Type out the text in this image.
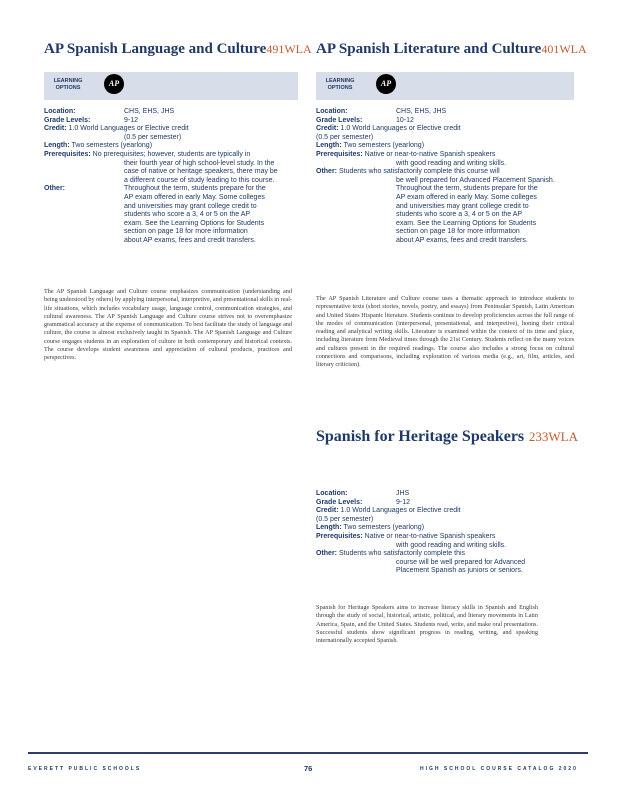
AP Spanish Language and Culture491WLA
LEARNING
OPTIONS	AP
Location:	CHS, EHS, JHS
Grade Levels:	9-12
Credit: 1.0 World Languages or Elective credit
(0.5 per semester)
Length: Two semesters (yearlong)
Prerequisites: No prerequisites; however, students are typically in
their fourth year of high school-level study. In the
case of native or heritage speakers, there may be
a different course of study leading to this course.
Other:	Throughout the term, students prepare for the
AP exam offered in early May. Some colleges
and universities may grant college credit to
students who score a 3, 4 or 5 on the AP
exam. See the Learning Options for Students
section on page 18 for more information
about AP exams, fees and credit transfers.
The AP Spanish Language and Culture course emphasizes communication (understanding and being understood by others) by applying interpersonal, interpretive, and presentational skills in real-life situations, which includes vocabulary usage, language control, communication strategies, and cultural awareness. The AP Spanish Language and Culture course strives not to overemphasize grammatical accuracy at the expense of communication. To best facilitate the study of language and culture, the course is almost exclusively taught in Spanish. The AP Spanish Language and Culture course engages students in an exploration of culture in both contemporary and historical contexts. The course develops student awareness and appreciation of cultural products, practices and perspectives.
AP Spanish Literature and Culture401WLA
LEARNING
OPTIONS	AP
Location:	CHS, EHS, JHS
Grade Levels:	10-12
Credit: 1.0 World Languages or Elective credit
(0.5 per semester)
Length: Two semesters (yearlong)
Prerequisites: Native or near-to-native Spanish speakers
with good reading and writing skills.
Other: Students who satisfactorily complete this course will
be well prepared for Advanced Placement Spanish.
Throughout the term, students prepare for the
AP exam offered in early May. Some colleges
and universities may grant college credit to
students who score a 3, 4 or 5 on the AP
exam. See the Learning Options for Students
section on page 18 for more information
about AP exams, fees and credit transfers.
The AP Spanish Literature and Culture course uses a thematic approach to introduce students to representative texts (short stories, novels, poetry, and essays) from Peninsular Spanish, Latin American and United States Hispanic literature. Students continue to develop proficiencies across the full range of the modes of communication (interpersonal, presentational, and interpretive), honing their critical reading and analytical writing skills. Literature is examined within the context of its time and place, including literature from Medieval times through the 21st Century. Students reflect on the many voices and cultures present in the required readings. The course also includes a strong focus on cultural connections and comparisons, including exploration of various media (e.g., art, film, articles, and literary criticism).
Spanish for Heritage Speakers 233WLA
Location:	JHS
Grade Levels:	9-12
Credit: 1.0 World Languages or Elective credit
(0.5 per semester)
Length: Two semesters (yearlong)
Prerequisites: Native or near-to-native Spanish speakers
with good reading and writing skills.
Other: Students who satisfactorily complete this
course will be well prepared for Advanced
Placement Spanish as juniors or seniors.
Spanish for Heritage Speakers aims to increase literacy skills in Spanish and English through the study of social, historical, artistic, political, and literary movements in Latin America, Spain, and the United States. Students read, write, and make oral presentations. Successful students show significant progress in reading, writing, and speaking internationally accepted Spanish.
EVERETT PUBLIC SCHOOLS	76	HIGH SCHOOL COURSE CATALOG 2020
